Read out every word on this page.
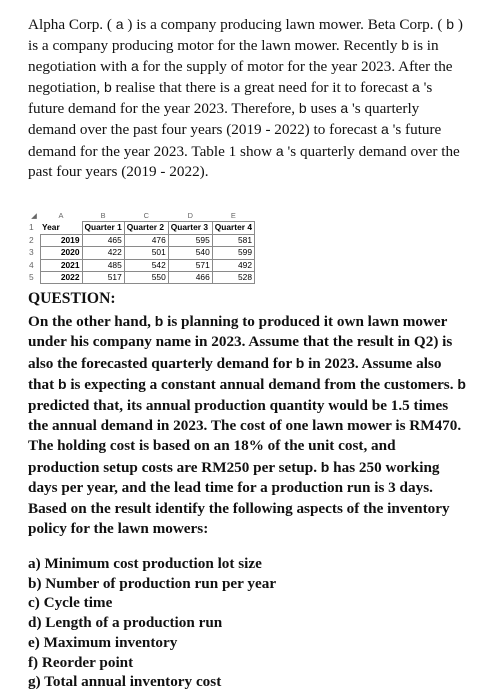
Alpha Corp. ( a ) is a company producing lawn mower. Beta Corp. ( b ) is a company producing motor for the lawn mower. Recently b is in negotiation with a for the supply of motor for the year 2023. After the negotiation, b realise that there is a great need for it to forecast a 's future demand for the year 2023. Therefore, b uses a 's quarterly demand over the past four years (2019 - 2022) to forecast a 's future demand for the year 2023. Table 1 show a 's quarterly demand over the past four years (2019 - 2022).

◢	A	B	C	D	E
1	Year	Quarter 1	Quarter 2	Quarter 3	Quarter 4
2	2019	465	476	595	581
3	2020	422	501	540	599
4	2021	485	542	571	492
5	2022	517	550	466	528

QUESTION:

On the other hand, b is planning to produced it own lawn mower under his company name in 2023. Assume that the result in Q2) is also the forecasted quarterly demand for b in 2023. Assume also that b is expecting a constant annual demand from the customers. b predicted that, its annual production quantity would be 1.5 times the annual demand in 2023. The cost of one lawn mower is RM470. The holding cost is based on an 18% of the unit cost, and production setup costs are RM250 per setup. b has 250 working days per year, and the lead time for a production run is 3 days. Based on the result identify the following aspects of the inventory policy for the lawn mowers:

a) Minimum cost production lot size
b) Number of production run per year
c) Cycle time
d) Length of a production run
e) Maximum inventory
f) Reorder point
g) Total annual inventory cost
